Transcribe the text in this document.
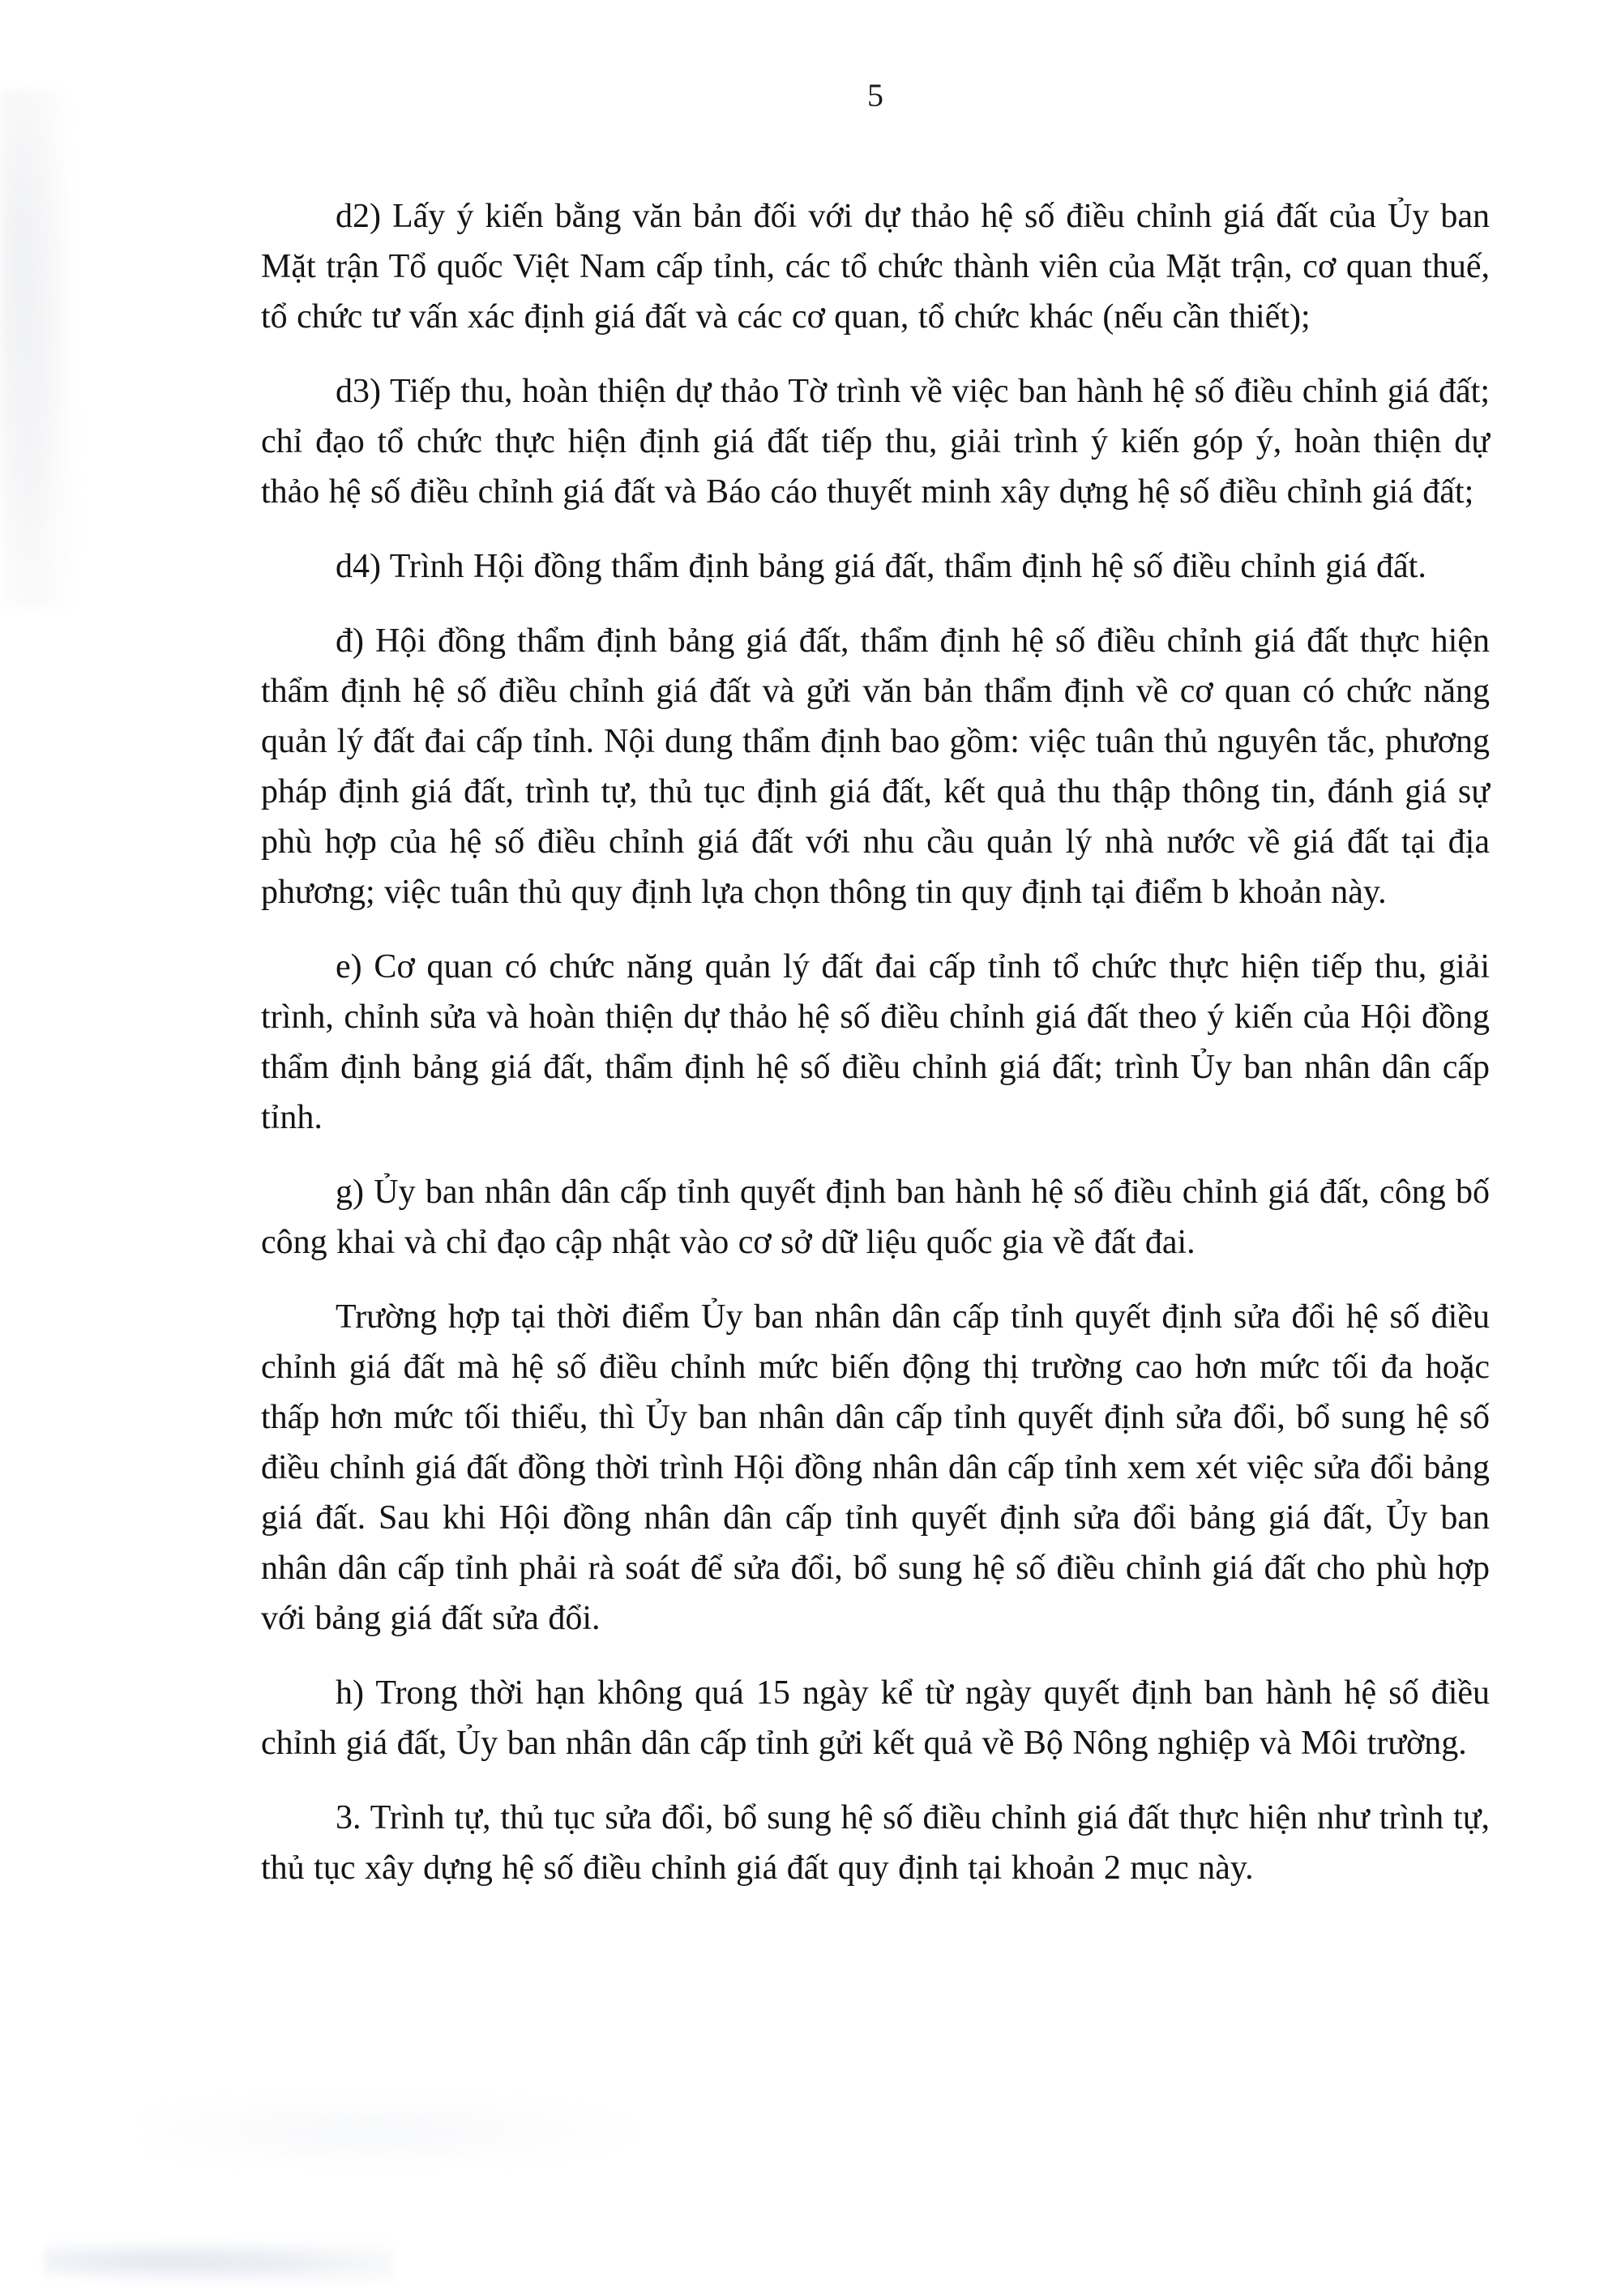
5

d2) Lấy ý kiến bằng văn bản đối với dự thảo hệ số điều chỉnh giá đất của Ủy ban Mặt trận Tổ quốc Việt Nam cấp tỉnh, các tổ chức thành viên của Mặt trận, cơ quan thuế, tổ chức tư vấn xác định giá đất và các cơ quan, tổ chức khác (nếu cần thiết);

d3) Tiếp thu, hoàn thiện dự thảo Tờ trình về việc ban hành hệ số điều chỉnh giá đất; chỉ đạo tổ chức thực hiện định giá đất tiếp thu, giải trình ý kiến góp ý, hoàn thiện dự thảo hệ số điều chỉnh giá đất và Báo cáo thuyết minh xây dựng hệ số điều chỉnh giá đất;

d4) Trình Hội đồng thẩm định bảng giá đất, thẩm định hệ số điều chỉnh giá đất.

đ) Hội đồng thẩm định bảng giá đất, thẩm định hệ số điều chỉnh giá đất thực hiện thẩm định hệ số điều chỉnh giá đất và gửi văn bản thẩm định về cơ quan có chức năng quản lý đất đai cấp tỉnh. Nội dung thẩm định bao gồm: việc tuân thủ nguyên tắc, phương pháp định giá đất, trình tự, thủ tục định giá đất, kết quả thu thập thông tin, đánh giá sự phù hợp của hệ số điều chỉnh giá đất với nhu cầu quản lý nhà nước về giá đất tại địa phương; việc tuân thủ quy định lựa chọn thông tin quy định tại điểm b khoản này.

e) Cơ quan có chức năng quản lý đất đai cấp tỉnh tổ chức thực hiện tiếp thu, giải trình, chỉnh sửa và hoàn thiện dự thảo hệ số điều chỉnh giá đất theo ý kiến của Hội đồng thẩm định bảng giá đất, thẩm định hệ số điều chỉnh giá đất; trình Ủy ban nhân dân cấp tỉnh.

g) Ủy ban nhân dân cấp tỉnh quyết định ban hành hệ số điều chỉnh giá đất, công bố công khai và chỉ đạo cập nhật vào cơ sở dữ liệu quốc gia về đất đai.

Trường hợp tại thời điểm Ủy ban nhân dân cấp tỉnh quyết định sửa đổi hệ số điều chỉnh giá đất mà hệ số điều chỉnh mức biến động thị trường cao hơn mức tối đa hoặc thấp hơn mức tối thiểu, thì Ủy ban nhân dân cấp tỉnh quyết định sửa đổi, bổ sung hệ số điều chỉnh giá đất đồng thời trình Hội đồng nhân dân cấp tỉnh xem xét việc sửa đổi bảng giá đất. Sau khi Hội đồng nhân dân cấp tỉnh quyết định sửa đổi bảng giá đất, Ủy ban nhân dân cấp tỉnh phải rà soát để sửa đổi, bổ sung hệ số điều chỉnh giá đất cho phù hợp với bảng giá đất sửa đổi.

h) Trong thời hạn không quá 15 ngày kể từ ngày quyết định ban hành hệ số điều chỉnh giá đất, Ủy ban nhân dân cấp tỉnh gửi kết quả về Bộ Nông nghiệp và Môi trường.

3. Trình tự, thủ tục sửa đổi, bổ sung hệ số điều chỉnh giá đất thực hiện như trình tự, thủ tục xây dựng hệ số điều chỉnh giá đất quy định tại khoản 2 mục này.
